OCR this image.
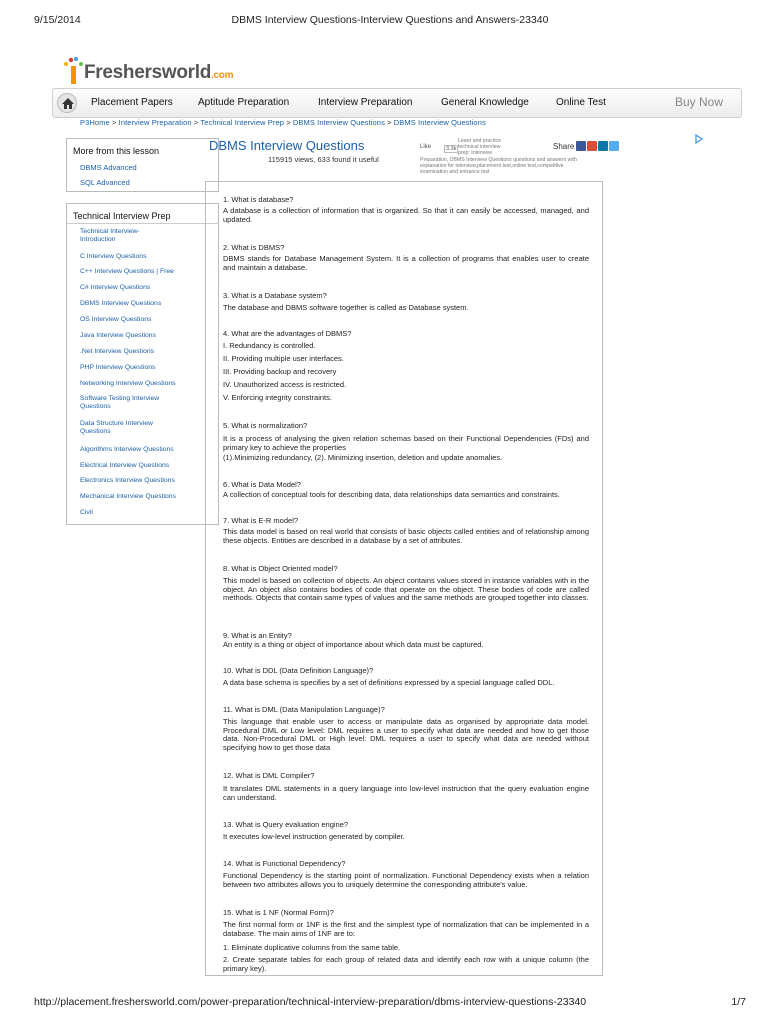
9/15/2014	DBMS Interview Questions-Interview Questions and Answers-23340
Freshersworld.com
Placement Papers	Aptitude Preparation	Interview Preparation	General Knowledge	Online Test	Buy Now
P3Home > Interview Preparation > Technical Interview Prep > DBMS Interview Questions > DBMS Interview Questions
More from this lesson
DBMS Advanced
SQL Advanced
Technical Interview Prep
Technical Interview-
Introduction
C Interview Questions
C++ Interview Questions | Free
C# Interview Questions
DBMS Interview Questions
OS Interview Questions
Java Interview Questions
.Net Interview Questions
PHP Interview Questions
Networking Interview Questions
Software Testing Interview
Questions
Data Structure Interview
Questions
Algorithms Interview Questions
Electrical Interview Questions
Electronics Interview Questions
Mechanical Interview Questions
Civil
DBMS Interview Questions
115915 views, 633 found it useful
Like	3.3k
Learn and practice
technical interview
prep: Interview
Preparation, DBMS Interview Questions questions and answers with explanation for interview,placement test,online test,competitive examination and entrance test
Share
1. What is database?
A database is a collection of information that is organized. So that it can easily be accessed, managed, and updated.
2. What is DBMS?
DBMS stands for Database Management System. It is a collection of programs that enables user to create and maintain a database.
3. What is a Database system?
The database and DBMS software together is called as Database system.
4. What are the advantages of DBMS?
I. Redundancy is controlled.
II. Providing multiple user interfaces.
III. Providing backup and recovery
IV. Unauthorized access is restricted.
V. Enforcing integrity constraints.
5. What is normalization?
It is a process of analysing the given relation schemas based on their Functional Dependencies (FDs) and primary key to achieve the properties
(1).Minimizing redundancy, (2). Minimizing insertion, deletion and update anomalies.
6. What is Data Model?
A collection of conceptual tools for describing data, data relationships data semantics and constraints.
7. What is E-R model?
This data model is based on real world that consists of basic objects called entities and of relationship among these objects. Entities are described in a database by a set of attributes.
8. What is Object Oriented model?
This model is based on collection of objects. An object contains values stored in instance variables with in the object. An object also contains bodies of code that operate on the object. These bodies of code are called methods. Objects that contain same types of values and the same methods are grouped together into classes.
9. What is an Entity?
An entity is a thing or object of importance about which data must be captured.
10. What is DDL (Data Definition Language)?
A data base schema is specifies by a set of definitions expressed by a special language called DDL.
11. What is DML (Data Manipulation Language)?
This language that enable user to access or manipulate data as organised by appropriate data model. Procedural DML or Low level: DML requires a user to specify what data are needed and how to get those data. Non-Procedural DML or High level: DML requires a user to specify what data are needed without specifying how to get those data
12. What is DML Compiler?
It translates DML statements in a query language into low-level instruction that the query evaluation engine can understand.
13. What is Query evaluation engine?
It executes low-level instruction generated by compiler.
14. What is Functional Dependency?
Functional Dependency is the starting point of normalization. Functional Dependency exists when a relation between two attributes allows you to uniquely determine the corresponding attribute's value.
15. What is 1 NF (Normal Form)?
The first normal form or 1NF is the first and the simplest type of normalization that can be implemented in a database. The main aims of 1NF are to:
1. Eliminate duplicative columns from the same table.
2. Create separate tables for each group of related data and identify each row with a unique column (the primary key).
http://placement.freshersworld.com/power-preparation/technical-interview-preparation/dbms-interview-questions-23340	1/7
